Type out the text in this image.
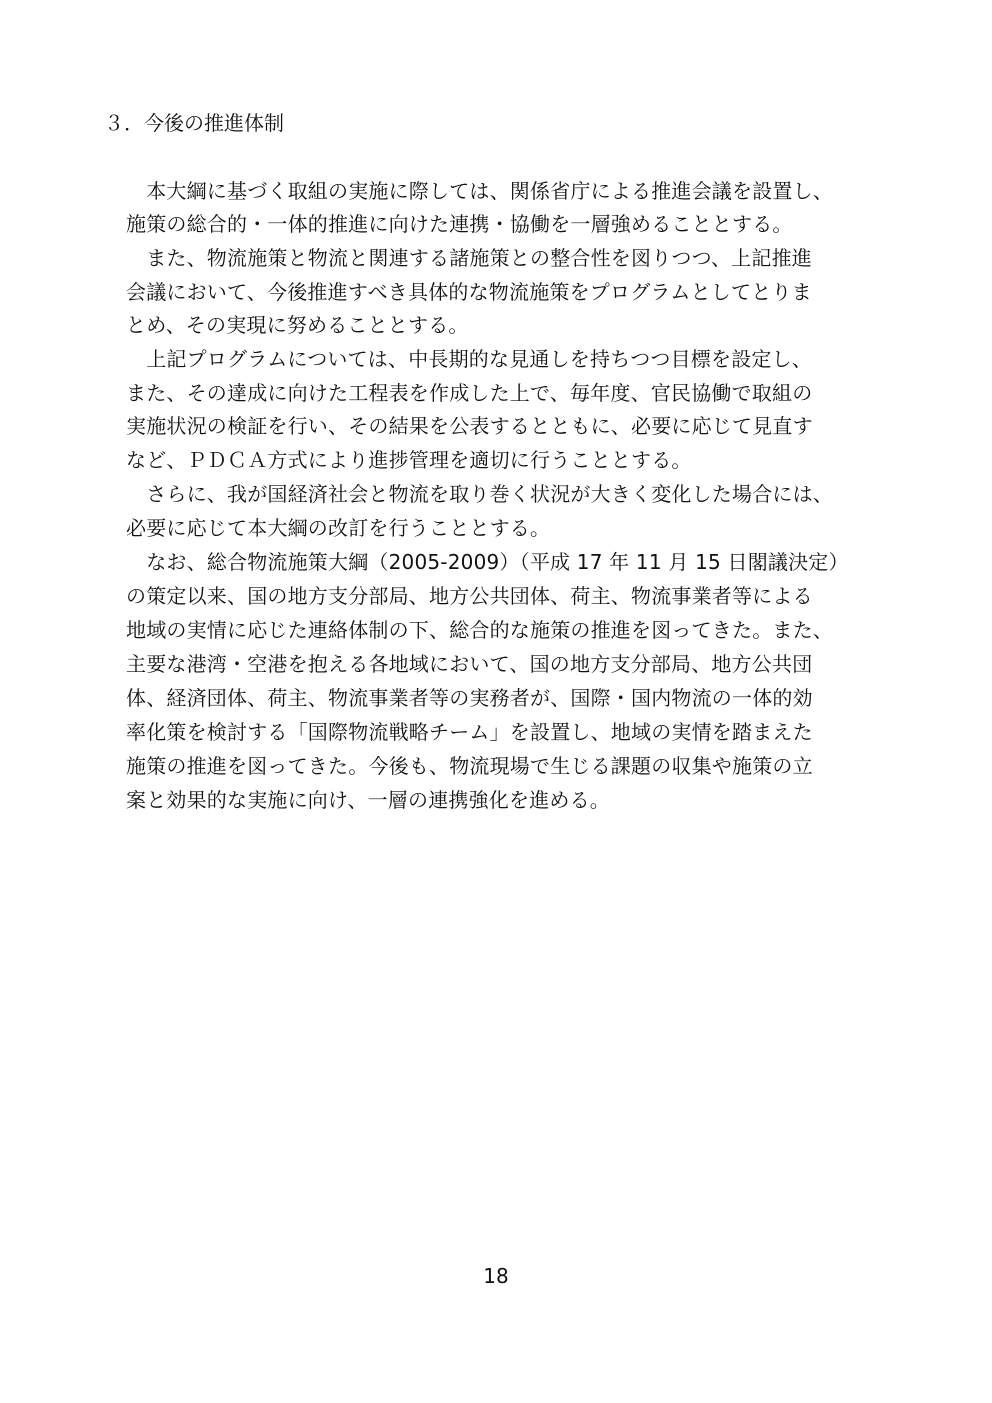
３．今後の推進体制
　本大綱に基づく取組の実施に際しては、関係省庁による推進会議を設置し、
施策の総合的・一体的推進に向けた連携・協働を一層強めることとする。
　また、物流施策と物流と関連する諸施策との整合性を図りつつ、上記推進
会議において、今後推進すべき具体的な物流施策をプログラムとしてとりま
とめ、その実現に努めることとする。
　上記プログラムについては、中長期的な見通しを持ちつつ目標を設定し、
また、その達成に向けた工程表を作成した上で、毎年度、官民協働で取組の
実施状況の検証を行い、その結果を公表するとともに、必要に応じて見直す
など、ＰＤＣＡ方式により進捗管理を適切に行うこととする。
　さらに、我が国経済社会と物流を取り巻く状況が大きく変化した場合には、
必要に応じて本大綱の改訂を行うこととする。
　なお、総合物流施策大綱（2005-2009）（平成 17 年 11 月 15 日閣議決定）
の策定以来、国の地方支分部局、地方公共団体、荷主、物流事業者等による
地域の実情に応じた連絡体制の下、総合的な施策の推進を図ってきた。また、
主要な港湾・空港を抱える各地域において、国の地方支分部局、地方公共団
体、経済団体、荷主、物流事業者等の実務者が、国際・国内物流の一体的効
率化策を検討する「国際物流戦略チーム」を設置し、地域の実情を踏まえた
施策の推進を図ってきた。今後も、物流現場で生じる課題の収集や施策の立
案と効果的な実施に向け、一層の連携強化を進める。
18
